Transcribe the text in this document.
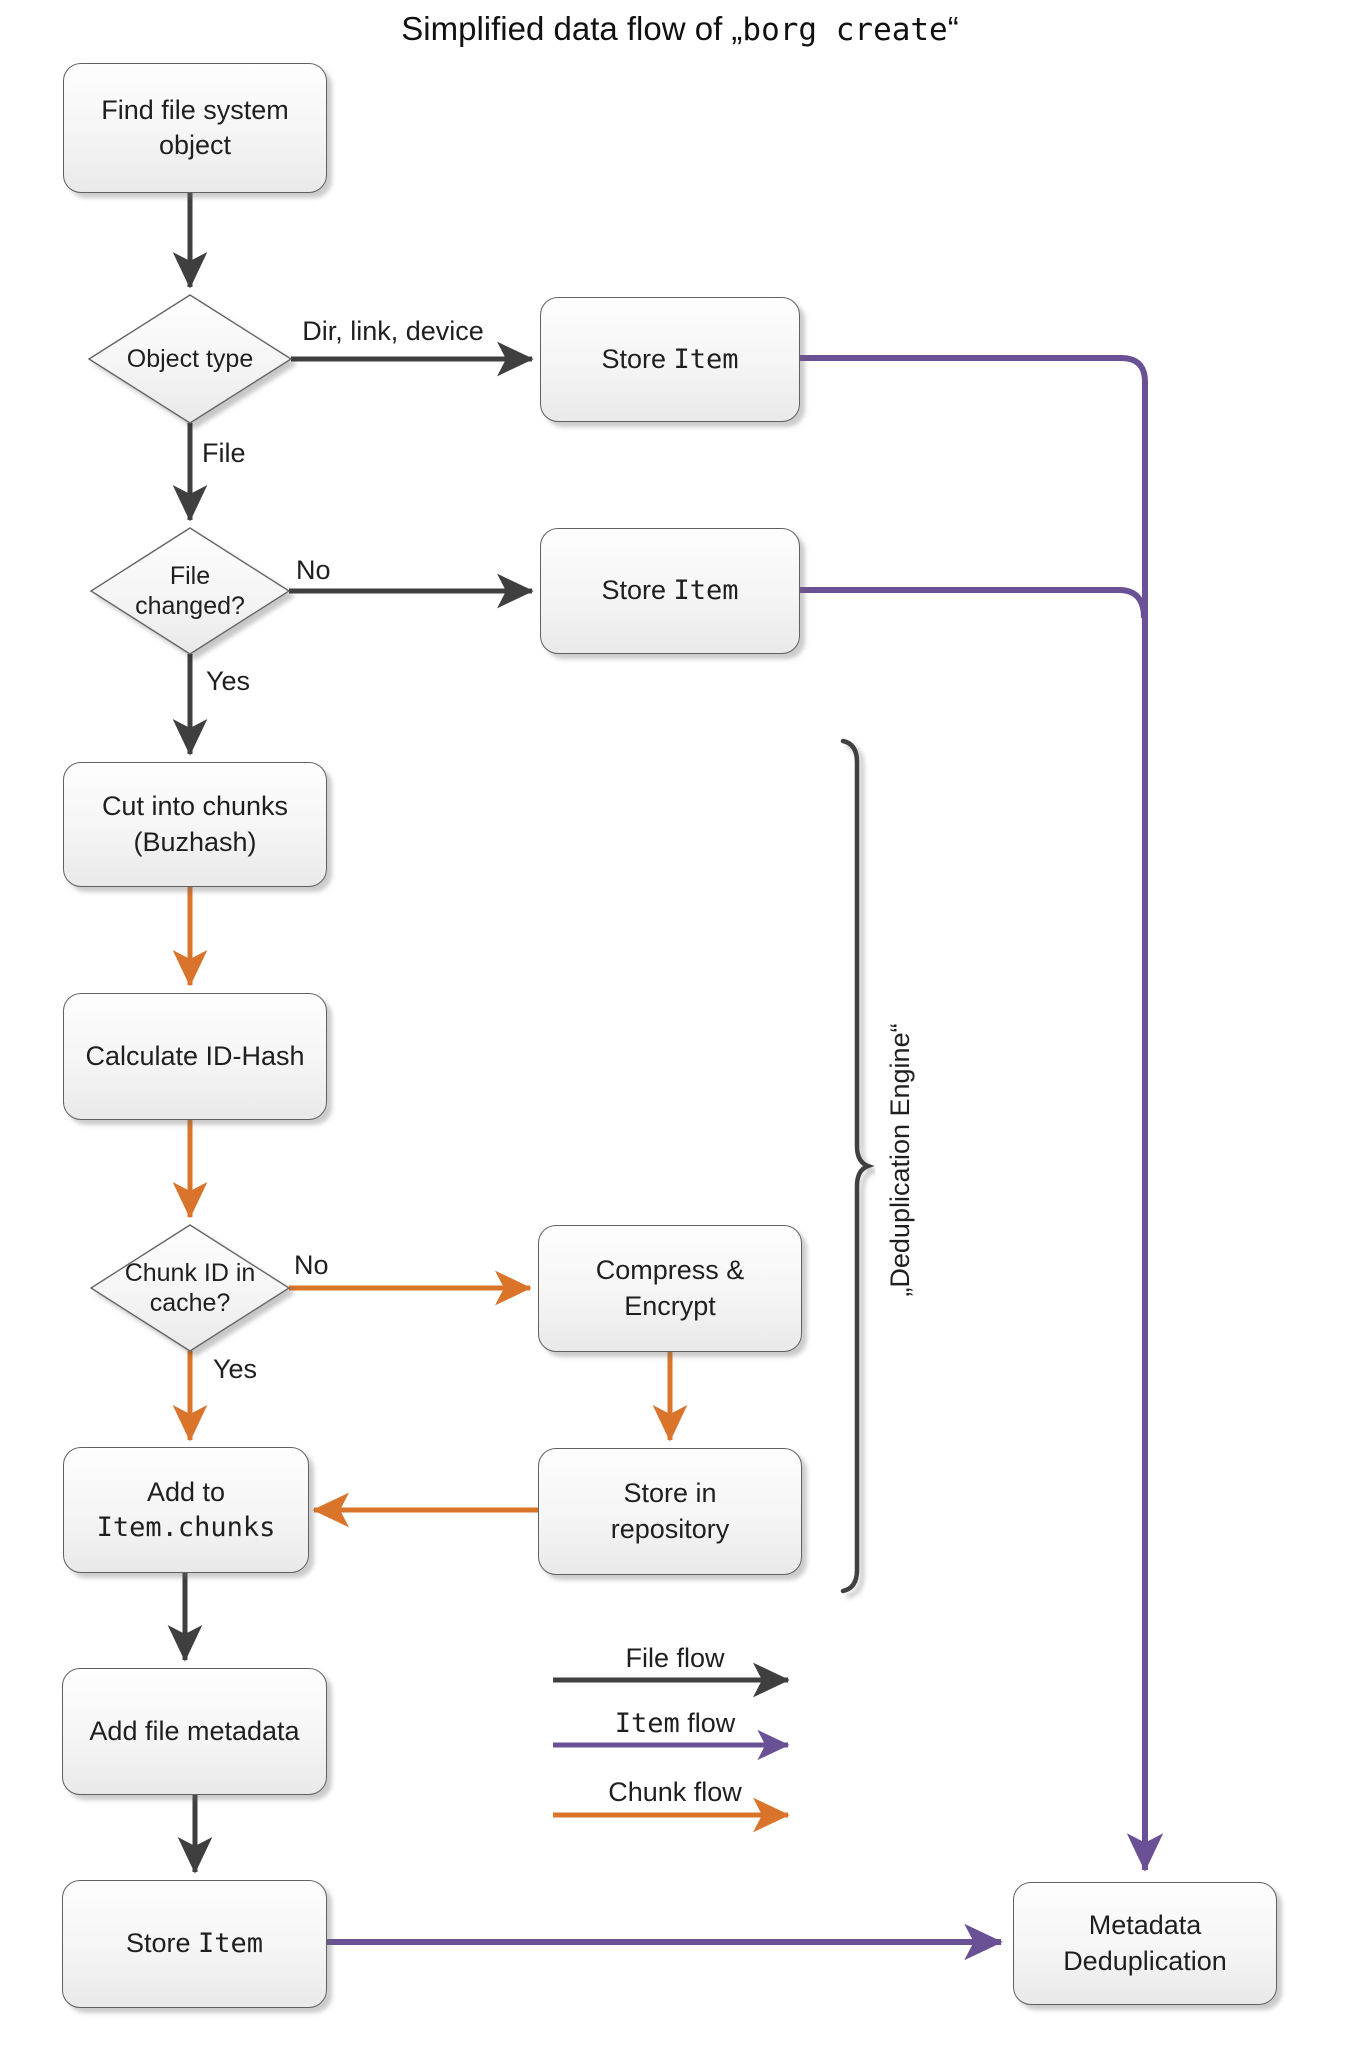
Simplified data flow of „borg create“
Find file system
object
Store Item
Store Item
Cut into chunks
(Buzhash)
Calculate ID-Hash
Compress &
Encrypt
Store in
repository
Add to
Item.chunks
Add file metadata
Store Item
Metadata
Deduplication
Object type
File
changed?
Chunk ID in
cache?
Dir, link, device
File
No
Yes
No
Yes
„Deduplication Engine“
File flow
Item flow
Chunk flow
